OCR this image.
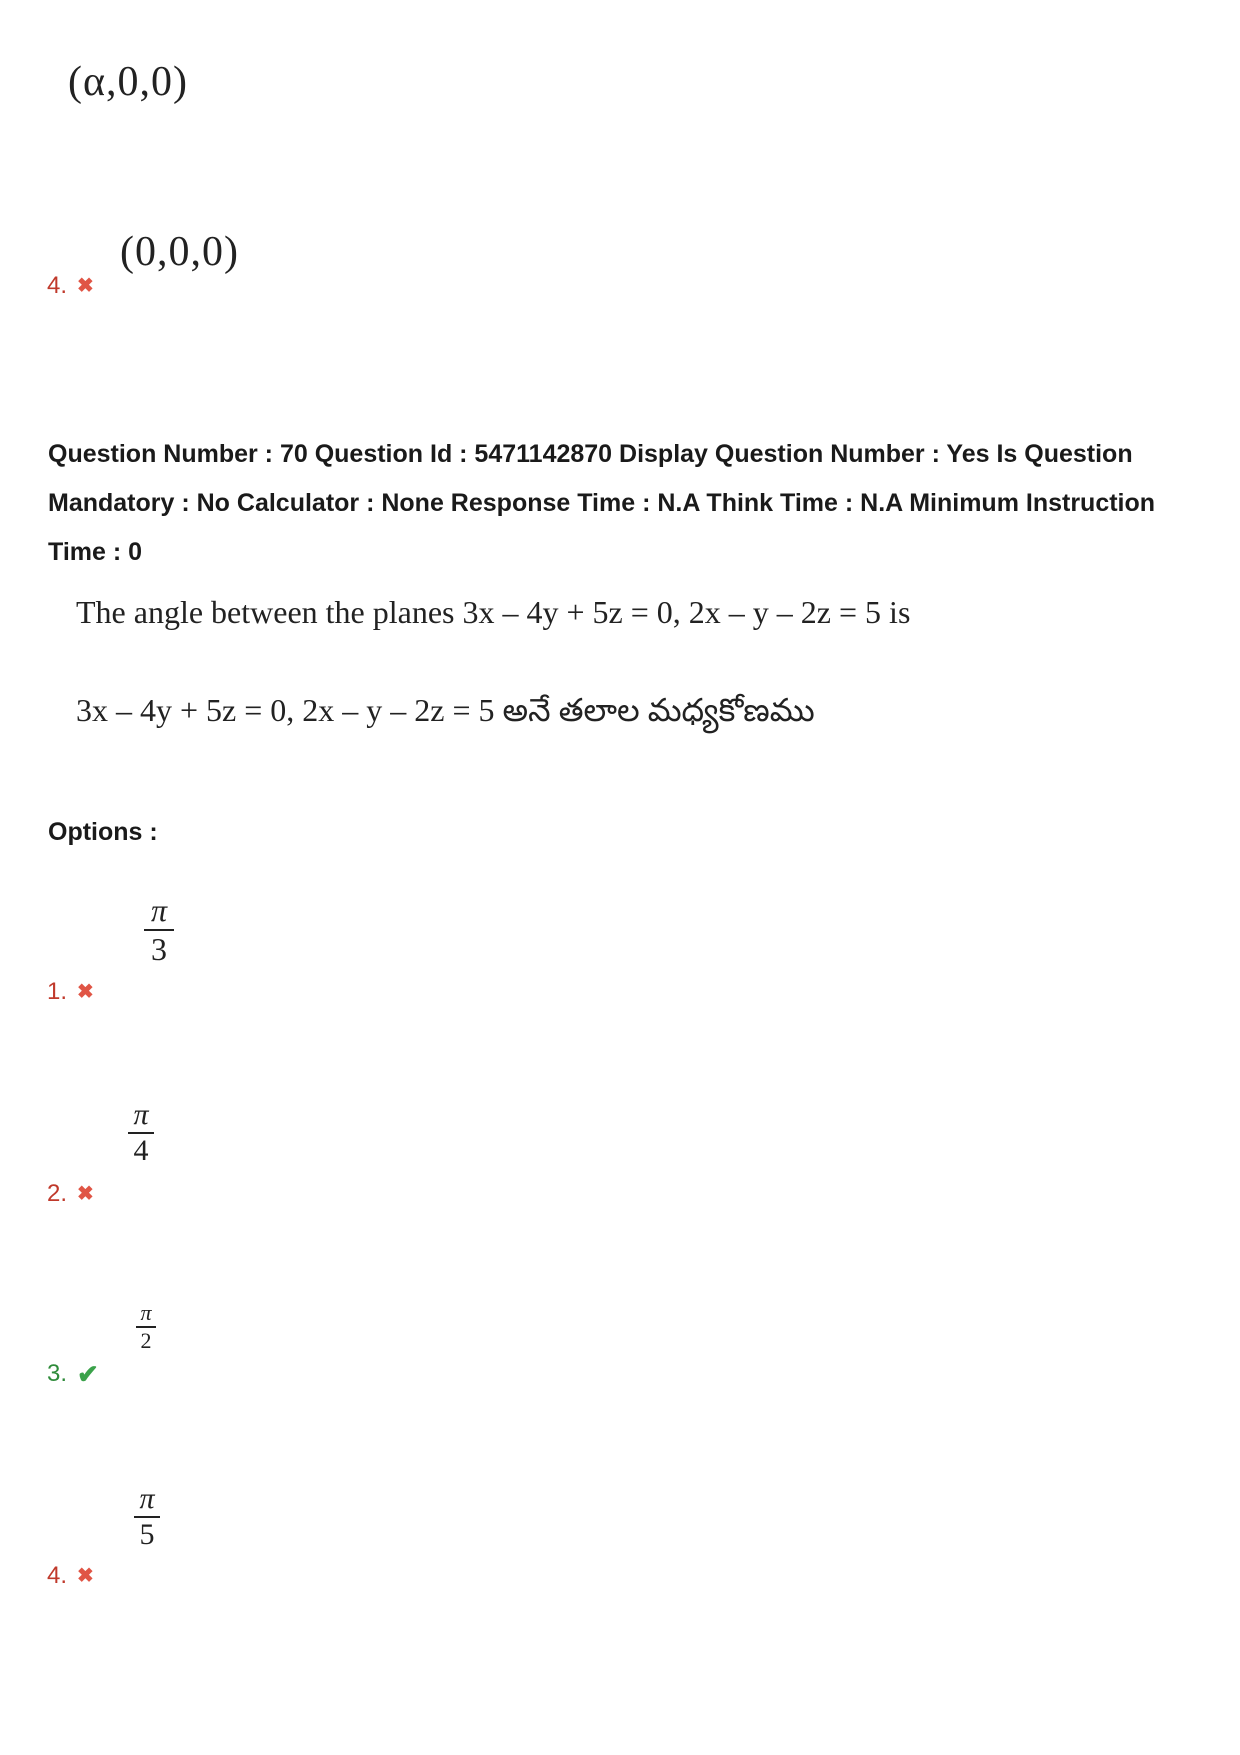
(α,0,0)
4. ✖
(0,0,0)
Question Number : 70 Question Id : 5471142870 Display Question Number : Yes Is Question Mandatory : No Calculator : None Response Time : N.A Think Time : N.A Minimum Instruction Time : 0
The angle between the planes 3x – 4y + 5z = 0, 2x – y – 2z = 5 is
3x – 4y + 5z = 0, 2x – y – 2z = 5 అనే తలాల మధ్యకోణము
Options :
π
3
1. ✖
π
4
2. ✖
π
2
3. ✔
π
5
4. ✖
